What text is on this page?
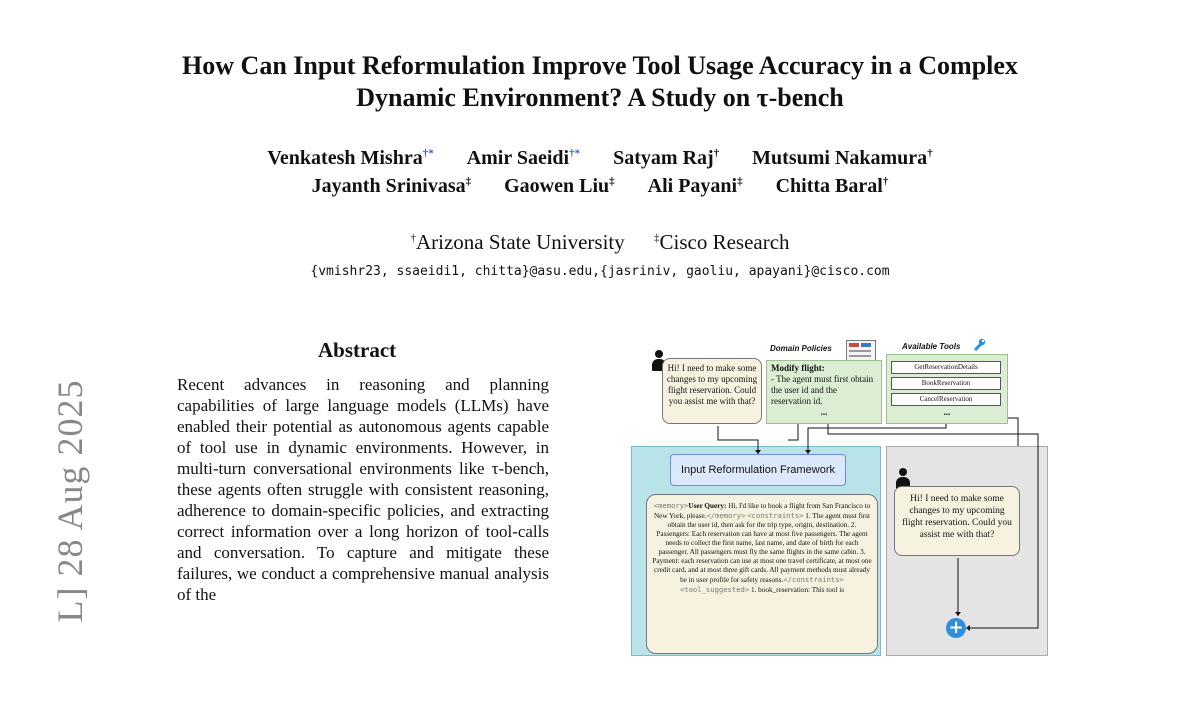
How Can Input Reformulation Improve Tool Usage Accuracy in a Complex
Dynamic Environment? A Study on τ-bench
Venkatesh Mishra†* Amir Saeidi†* Satyam Raj† Mutsumi Nakamura†
Jayanth Srinivasa‡ Gaowen Liu‡ Ali Payani‡ Chitta Baral†
†Arizona State University	‡Cisco Research
{vmishr23, ssaeidi1, chitta}@asu.edu,{jasriniv, gaoliu, apayani}@cisco.com
L] 28 Aug 2025
Abstract
Recent advances in reasoning and planning capabilities of large language models (LLMs) have enabled their potential as autonomous agents capable of tool use in dynamic environments. However, in multi-turn conversational environments like τ-bench, these agents often struggle with consistent reasoning, adherence to domain-specific policies, and extracting correct information over a long horizon of tool-calls and conversation. To capture and mitigate these failures, we conduct a comprehensive manual analysis of the
Hi! I need to make some changes to my upcoming flight reservation. Could you assist me with that?
Domain Policies
Modify flight:
- The agent must first obtain the user id and the reservation id.
...
Available Tools
GetReservationDetails
BookReservation
CancelReservation
...
Input Reformulation Framework
<memory>User Query: Hi, I'd like to book a flight from San Francisco to New York, please.</memory> <constraints> 1. The agent must first obtain the user id, then ask for the trip type, origin, destination. 2. Passengers: Each reservation can have at most five passengers. The agent needs to collect the first name, last name, and date of birth for each passenger. All passengers must fly the same flights in the same cabin. 3. Payment: each reservation can use at most one travel certificate, at most one credit card, and at most three gift cards. All payment methods must already be in user profile for safety reasons.</constraints> <tool_suggested> 1. book_reservation: This tool is
Hi! I need to make some changes to my upcoming flight reservation. Could you assist me with that?
+
